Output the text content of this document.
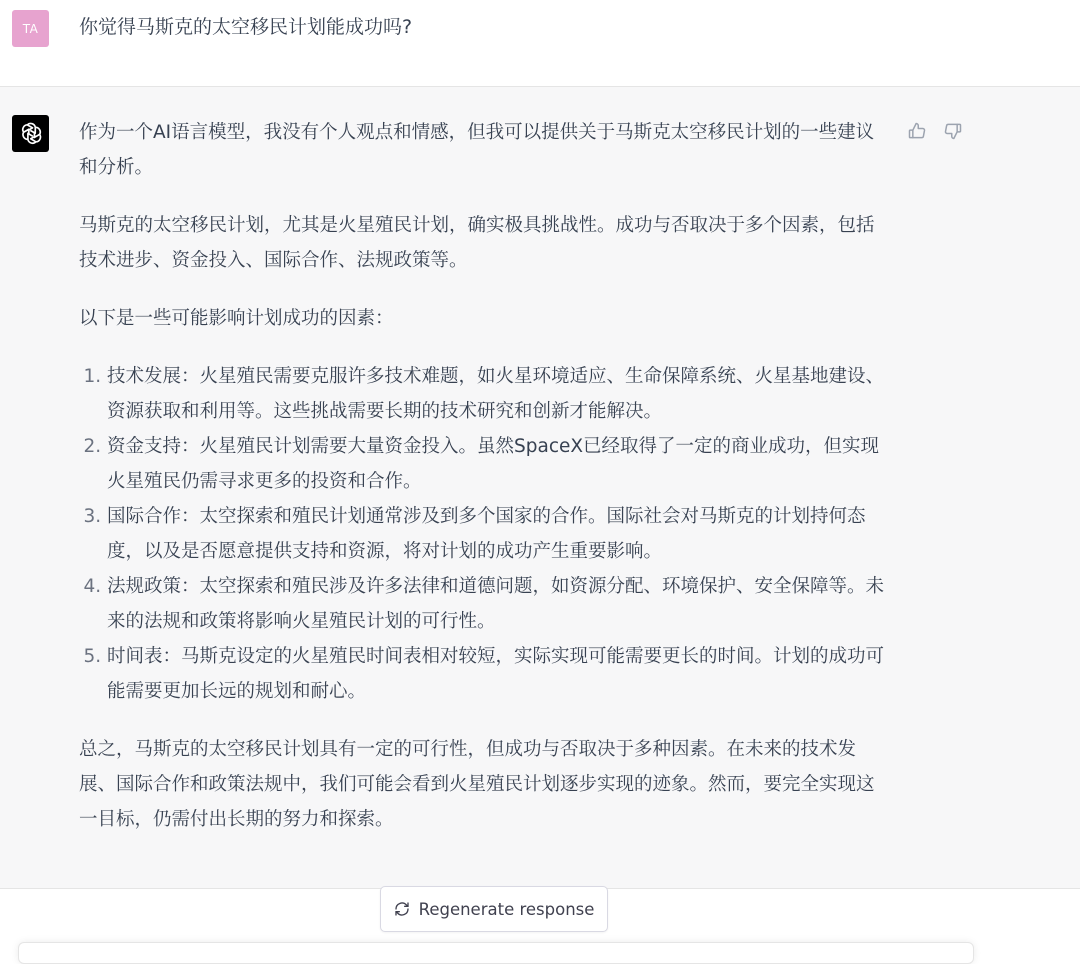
TA	你觉得马斯克的太空移民计划能成功吗?

作为一个AI语言模型，我没有个人观点和情感，但我可以提供关于马斯克太空移民计划的一些建议和分析。

马斯克的太空移民计划，尤其是火星殖民计划，确实极具挑战性。成功与否取决于多个因素，包括技术进步、资金投入、国际合作、法规政策等。

以下是一些可能影响计划成功的因素：

1. 技术发展：火星殖民需要克服许多技术难题，如火星环境适应、生命保障系统、火星基地建设、资源获取和利用等。这些挑战需要长期的技术研究和创新才能解决。
2. 资金支持：火星殖民计划需要大量资金投入。虽然SpaceX已经取得了一定的商业成功，但实现火星殖民仍需寻求更多的投资和合作。
3. 国际合作：太空探索和殖民计划通常涉及到多个国家的合作。国际社会对马斯克的计划持何态度，以及是否愿意提供支持和资源，将对计划的成功产生重要影响。
4. 法规政策：太空探索和殖民涉及许多法律和道德问题，如资源分配、环境保护、安全保障等。未来的法规和政策将影响火星殖民计划的可行性。
5. 时间表：马斯克设定的火星殖民时间表相对较短，实际实现可能需要更长的时间。计划的成功可能需要更加长远的规划和耐心。

总之，马斯克的太空移民计划具有一定的可行性，但成功与否取决于多种因素。在未来的技术发展、国际合作和政策法规中，我们可能会看到火星殖民计划逐步实现的迹象。然而，要完全实现这一目标，仍需付出长期的努力和探索。

Regenerate response
